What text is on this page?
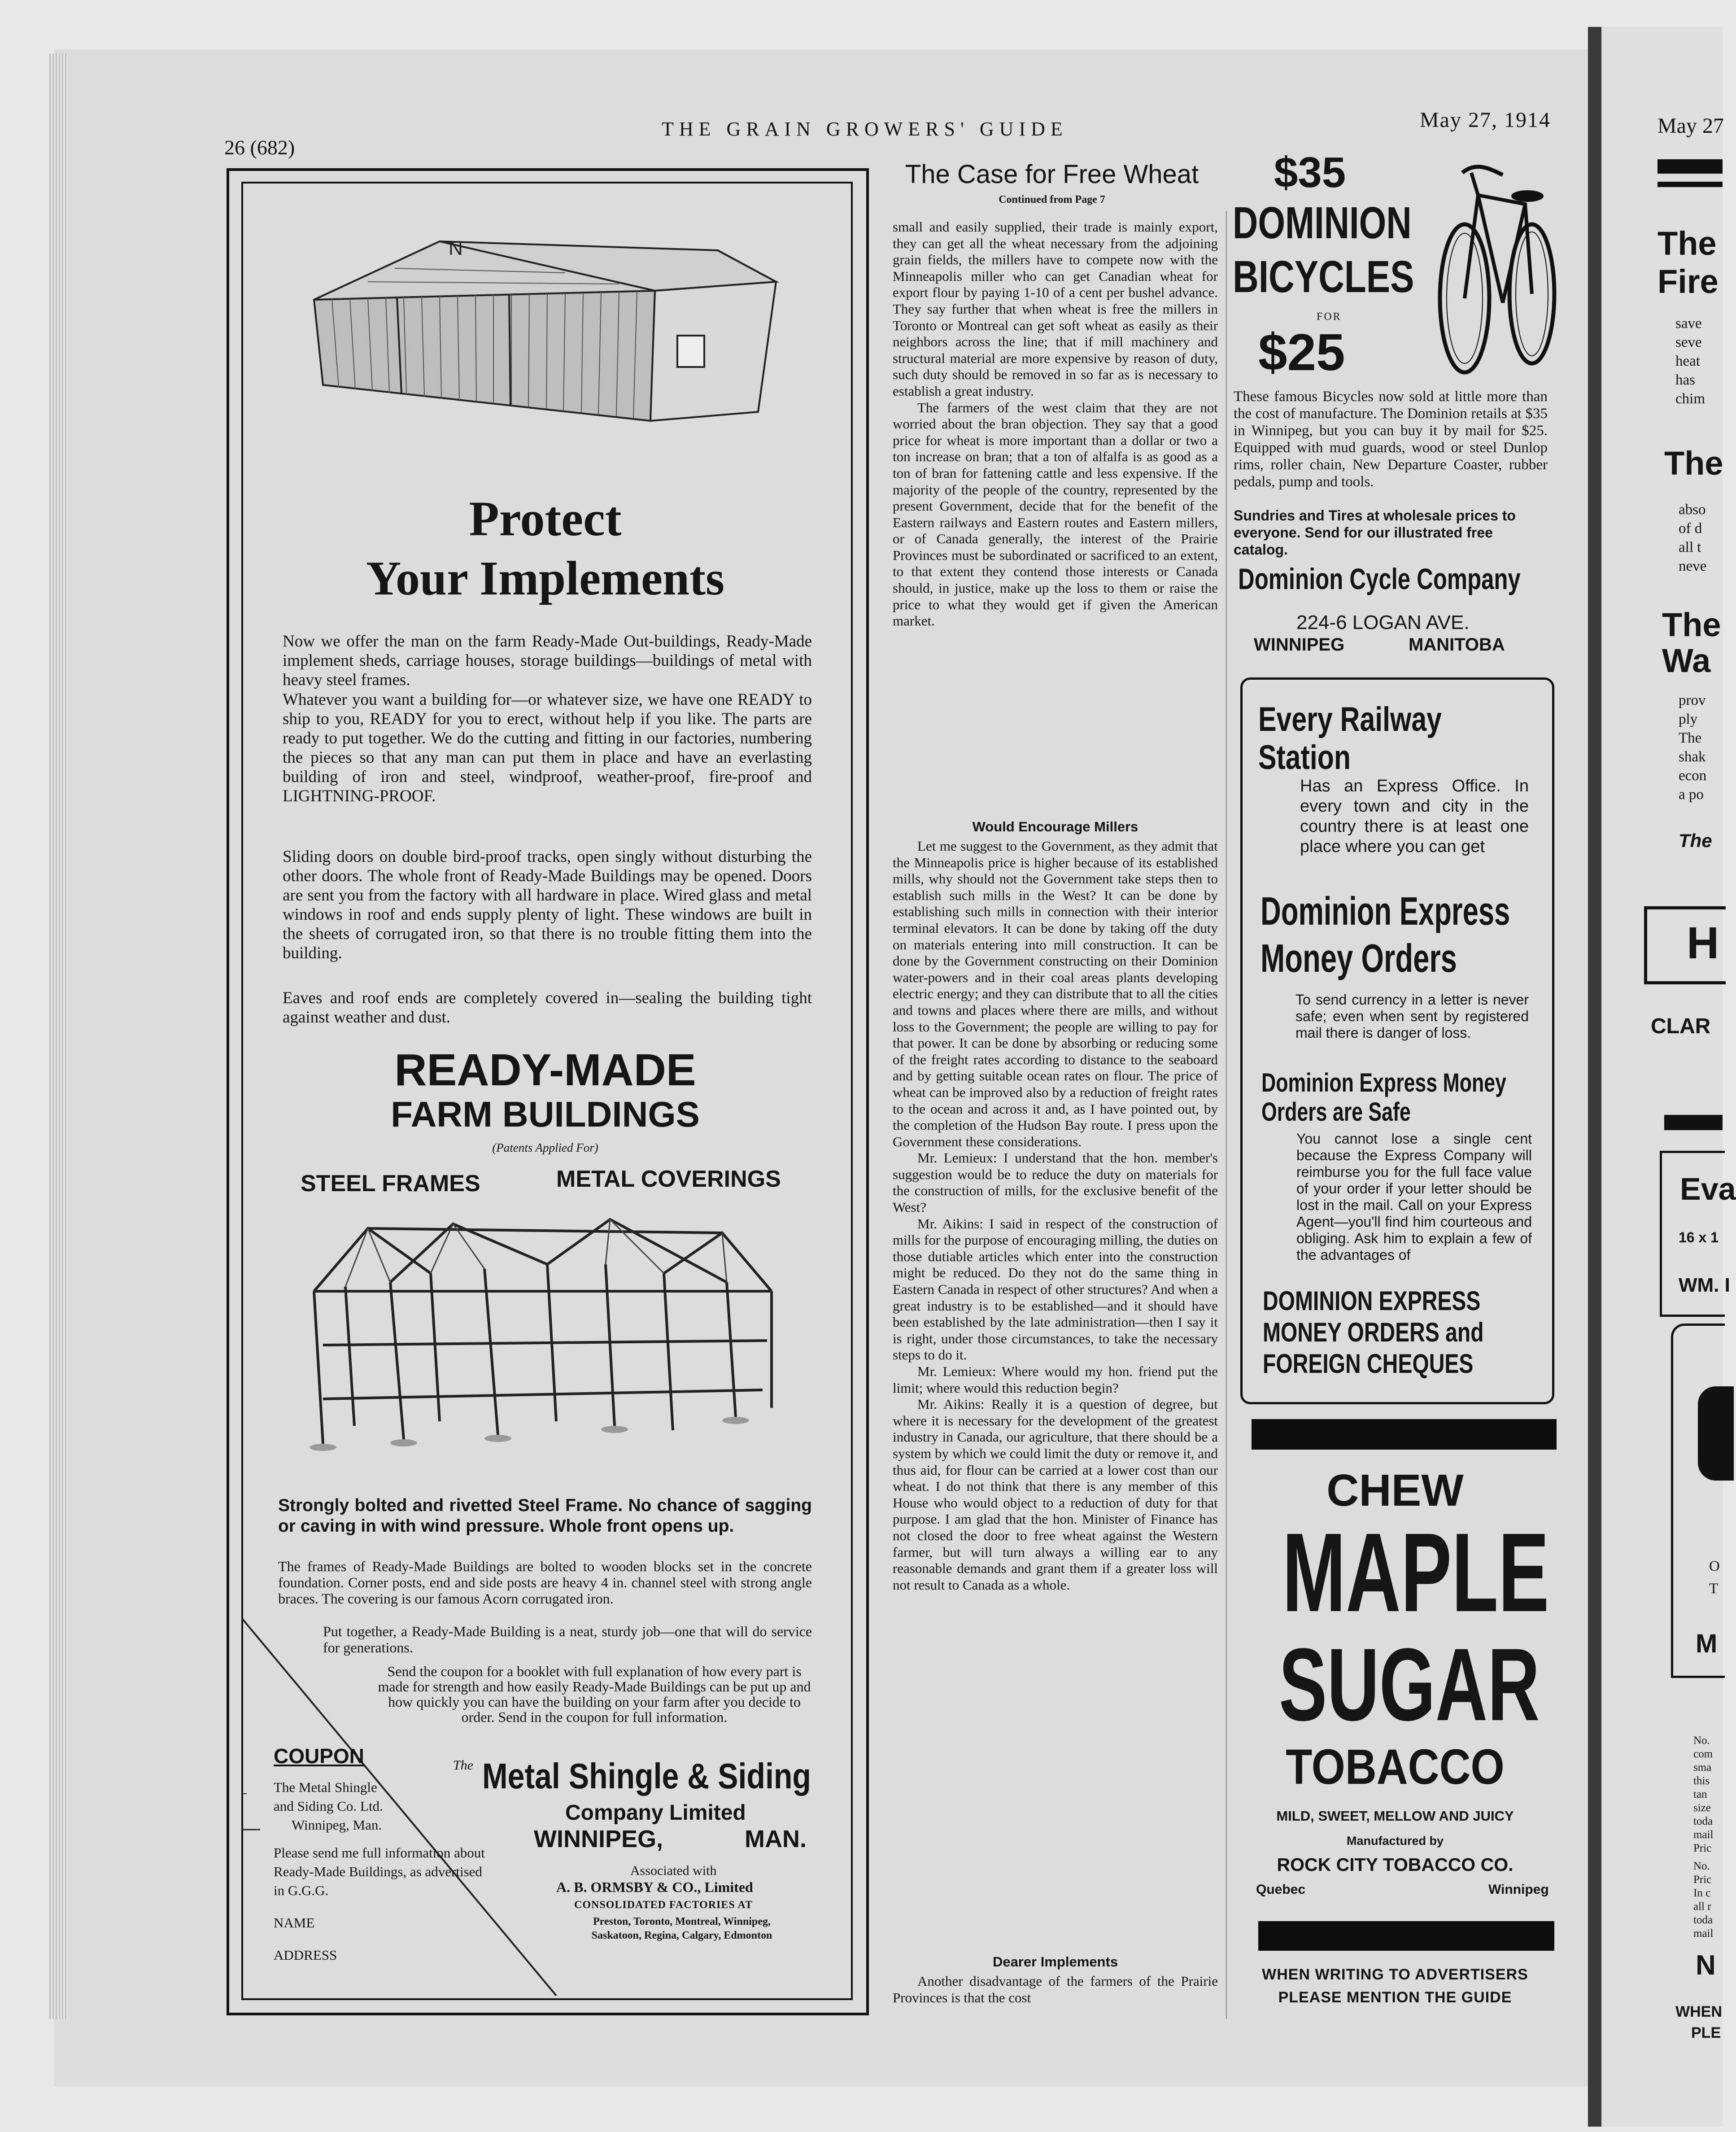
26 (682)
THE GRAIN GROWERS' GUIDE	May 27, 1914
N
Protect
Your Implements
Now we offer the man on the farm Ready-Made Out-buildings, Ready-Made implement sheds, carriage houses, storage buildings—buildings of metal with heavy steel frames.
Whatever you want a building for—or whatever size, we have one READY to ship to you, READY for you to erect, without help if you like. The parts are ready to put together. We do the cutting and fitting in our factories, numbering the pieces so that any man can put them in place and have an everlasting building of iron and steel, windproof, weather-proof, fire-proof and LIGHTNING-PROOF.
Sliding doors on double bird-proof tracks, open singly without disturbing the other doors. The whole front of Ready-Made Buildings may be opened. Doors are sent you from the factory with all hardware in place. Wired glass and metal windows in roof and ends supply plenty of light. These windows are built in the sheets of corrugated iron, so that there is no trouble fitting them into the building.
Eaves and roof ends are completely covered in—sealing the building tight against weather and dust.
READY-MADE
FARM BUILDINGS
(Patents Applied For)
STEEL FRAMES	METAL COVERINGS
Strongly bolted and rivetted Steel Frame. No chance of sagging or caving in with wind pressure. Whole front opens up.
The frames of Ready-Made Buildings are bolted to wooden blocks set in the concrete foundation. Corner posts, end and side posts are heavy 4 in. channel steel with strong angle braces. The covering is our famous Acorn corrugated iron.
Put together, a Ready-Made Building is a neat, sturdy job—one that will do service for generations.
Send the coupon for a booklet with full explanation of how every part is made for strength and how easily Ready-Made Buildings can be put up and how quickly you can have the building on your farm after you decide to order. Send in the coupon for full information.
COUPON
The Metal Shingle
and Siding Co. Ltd.
Winnipeg, Man.
Please send me full information about Ready-Made Buildings, as advertised in G.G.G.
NAME
ADDRESS
The Metal Shingle & Siding
Company Limited
WINNIPEG,	MAN.
Associated with
A. B. ORMSBY & CO., Limited
CONSOLIDATED FACTORIES AT
Preston, Toronto, Montreal, Winnipeg, Saskatoon, Regina, Calgary, Edmonton
The Case for Free Wheat
Continued from Page 7

small and easily supplied, their trade is mainly export, they can get all the wheat necessary from the adjoining grain fields, the millers have to compete now with the Minneapolis miller who can get Canadian wheat for export flour by paying 1-10 of a cent per bushel advance. They say further that when wheat is free the millers in Toronto or Montreal can get soft wheat as easily as their neighbors across the line; that if mill machinery and structural material are more expensive by reason of duty, such duty should be removed in so far as is necessary to establish a great industry.

The farmers of the west claim that they are not worried about the bran objection. They say that a good price for wheat is more important than a dollar or two a ton increase on bran; that a ton of alfalfa is as good as a ton of bran for fattening cattle and less expensive. If the majority of the people of the country, represented by the present Government, decide that for the benefit of the Eastern railways and Eastern routes and Eastern millers, or of Canada generally, the interest of the Prairie Provinces must be subordinated or sacrificed to an extent, to that extent they contend those interests or Canada should, in justice, make up the loss to them or raise the price to what they would get if given the American market.

Would Encourage Millers

Let me suggest to the Government, as they admit that the Minneapolis price is higher because of its established mills, why should not the Government take steps then to establish such mills in the West? It can be done by establishing such mills in connection with their interior terminal elevators. It can be done by taking off the duty on materials entering into mill construction. It can be done by the Government constructing on their Dominion water-powers and in their coal areas plants developing electric energy; and they can distribute that to all the cities and towns and places where there are mills, and without loss to the Government; the people are willing to pay for that power. It can be done by absorbing or reducing some of the freight rates according to distance to the seaboard and by getting suitable ocean rates on flour. The price of wheat can be improved also by a reduction of freight rates to the ocean and across it and, as I have pointed out, by the completion of the Hudson Bay route. I press upon the Government these considerations.

Mr. Lemieux: I understand that the hon. member's suggestion would be to reduce the duty on materials for the construction of mills, for the exclusive benefit of the West?

Mr. Aikins: I said in respect of the construction of mills for the purpose of encouraging milling, the duties on those dutiable articles which enter into the construction might be reduced. Do they not do the same thing in Eastern Canada in respect of other structures? And when a great industry is to be established—and it should have been established by the late administration—then I say it is right, under those circumstances, to take the necessary steps to do it.

Mr. Lemieux: Where would my hon. friend put the limit; where would this reduction begin?

Mr. Aikins: Really it is a question of degree, but where it is necessary for the development of the greatest industry in Canada, our agriculture, that there should be a system by which we could limit the duty or remove it, and thus aid, for flour can be carried at a lower cost than our wheat. I do not think that there is any member of this House who would object to a reduction of duty for that purpose. I am glad that the hon. Minister of Finance has not closed the door to free wheat against the Western farmer, but will turn always a willing ear to any reasonable demands and grant them if a greater loss will not result to Canada as a whole.

Dearer Implements

Another disadvantage of the farmers of the Prairie Provinces is that the cost

$35
DOMINION
BICYCLES
FOR
$25
These famous Bicycles now sold at little more than the cost of manufacture. The Dominion retails at $35 in Winnipeg, but you can buy it by mail for $25. Equipped with mud guards, wood or steel Dunlop rims, roller chain, New Departure Coaster, rubber pedals, pump and tools.
Sundries and Tires at wholesale prices to everyone. Send for our illustrated free catalog.
Dominion Cycle Company
224-6 LOGAN AVE.
WINNIPEG	MANITOBA
Every Railway
Station
Has an Express Office. In every town and city in the country there is at least one place where you can get
Dominion Express
Money Orders
To send currency in a letter is never safe; even when sent by registered mail there is danger of loss.
Dominion Express Money
Orders are Safe
You cannot lose a single cent because the Express Company will reimburse you for the full face value of your order if your letter should be lost in the mail. Call on your Express Agent—you'll find him courteous and obliging. Ask him to explain a few of the advantages of
DOMINION EXPRESS
MONEY ORDERS and
FOREIGN CHEQUES
CHEW
MAPLE
SUGAR
TOBACCO
MILD, SWEET, MELLOW AND JUICY
Manufactured by
ROCK CITY TOBACCO CO.
Quebec	Winnipeg
WHEN WRITING TO ADVERTISERS
PLEASE MENTION THE GUIDE
May 27
The
Fire
save
seve
heat
has
chim
The
abso
of d
all t
neve
The
Wa
prov
ply
The
shak
econ
a po
The
H
CLAR
Eva
16 x 1
WM. I
O
T
M
No.
com
sma
this
tan
size
toda
mail
Pric
No.
Pric
In c
all r
toda
mail
N
WHEN
PLE
